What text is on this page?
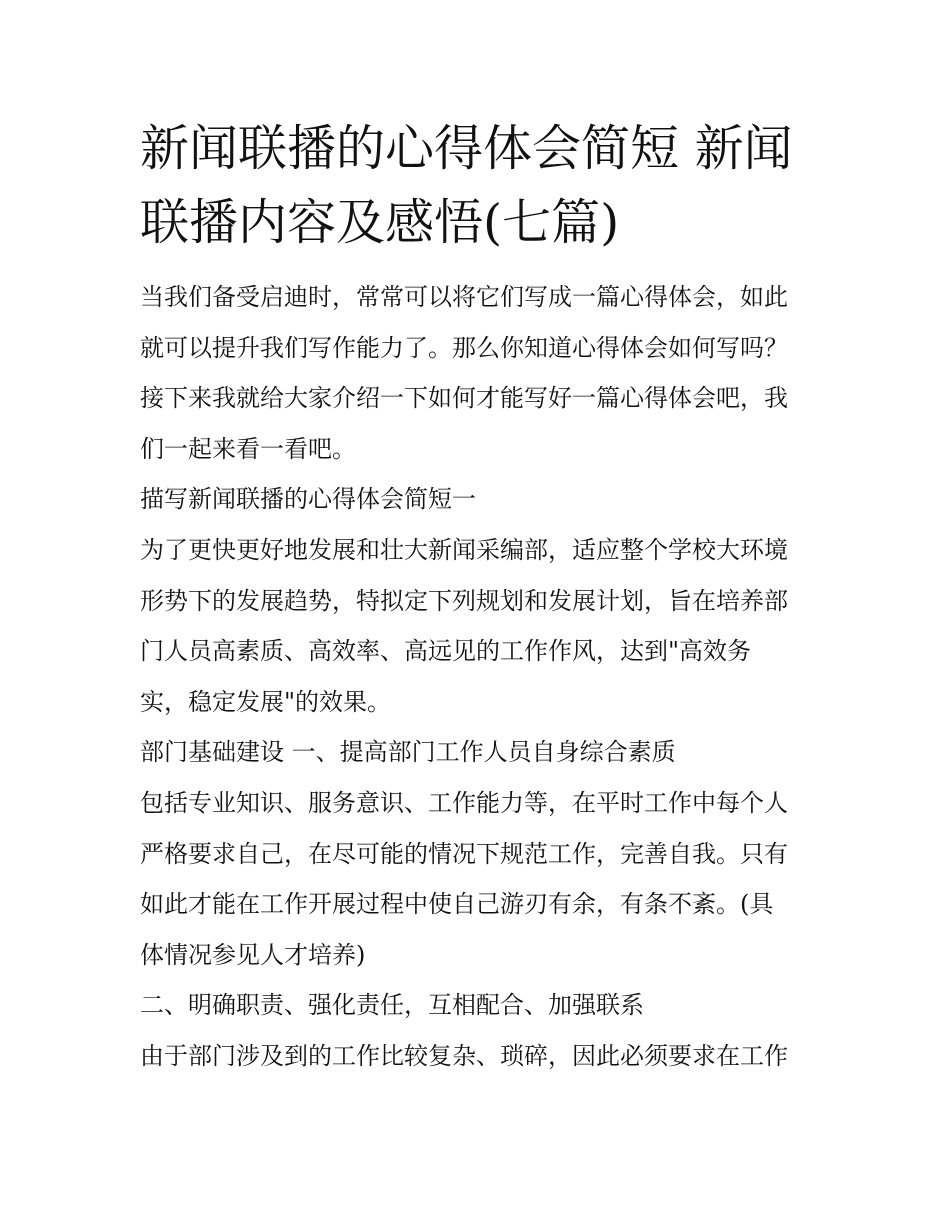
新闻联播的心得体会简短 新闻
联播内容及感悟(七篇)

当我们备受启迪时，常常可以将它们写成一篇心得体会，如此
就可以提升我们写作能力了。那么你知道心得体会如何写吗？
接下来我就给大家介绍一下如何才能写好一篇心得体会吧，我
们一起来看一看吧。

描写新闻联播的心得体会简短一

为了更快更好地发展和壮大新闻采编部，适应整个学校大环境
形势下的发展趋势，特拟定下列规划和发展计划，旨在培养部
门人员高素质、高效率、高远见的工作作风，达到"高效务
实，稳定发展"的效果。

部门基础建设 一、提高部门工作人员自身综合素质

包括专业知识、服务意识、工作能力等，在平时工作中每个人
严格要求自己，在尽可能的情况下规范工作，完善自我。只有
如此才能在工作开展过程中使自己游刃有余，有条不紊。(具
体情况参见人才培养)

二、明确职责、强化责任，互相配合、加强联系

由于部门涉及到的工作比较复杂、琐碎，因此必须要求在工作
